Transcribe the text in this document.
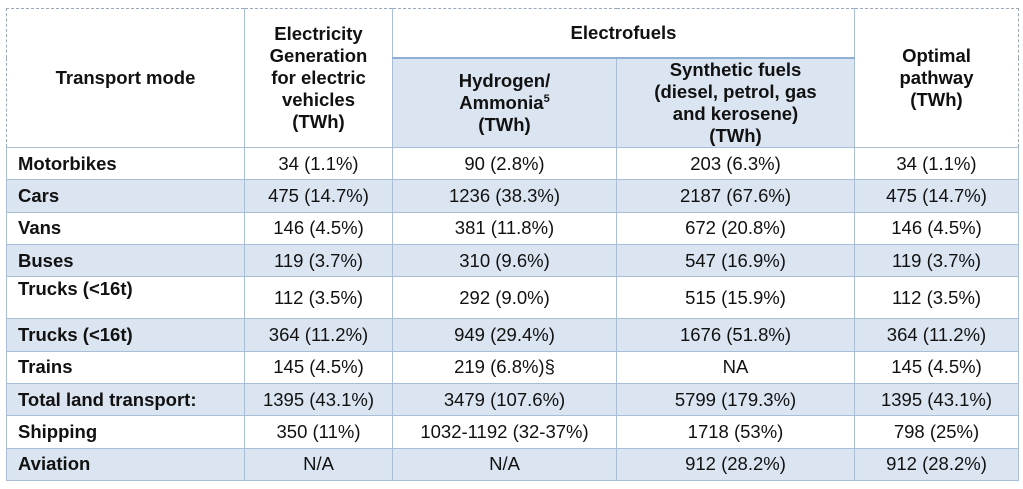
Transport mode	Electricity
Generation
for electric
vehicles
(TWh)	Electrofuels		Optimal
pathway
(TWh)
		Hydrogen/
Ammonia$^5$
(TWh)	Synthetic fuels
(diesel, petrol, gas
and kerosene)
(TWh)	
Motorbikes	34 (1.1%)	90 (2.8%)	203 (6.3%)	34 (1.1%)
Cars	475 (14.7%)	1236 (38.3%)	2187 (67.6%)	475 (14.7%)
Vans	146 (4.5%)	381 (11.8%)	672 (20.8%)	146 (4.5%)
Buses	119 (3.7%)	310 (9.6%)	547 (16.9%)	119 (3.7%)
Trucks (<16t)	112 (3.5%)	292 (9.0%)	515 (15.9%)	112 (3.5%)
Trucks (<16t)	364 (11.2%)	949 (29.4%)	1676 (51.8%)	364 (11.2%)
Trains	145 (4.5%)	219 (6.8%)§	NA	145 (4.5%)
Total land transport:	1395 (43.1%)	3479 (107.6%)	5799 (179.3%)	1395 (43.1%)
Shipping	350 (11%)	1032-1192 (32-37%)	1718 (53%)	798 (25%)
Aviation	N/A	N/A	912 (28.2%)	912 (28.2%)
